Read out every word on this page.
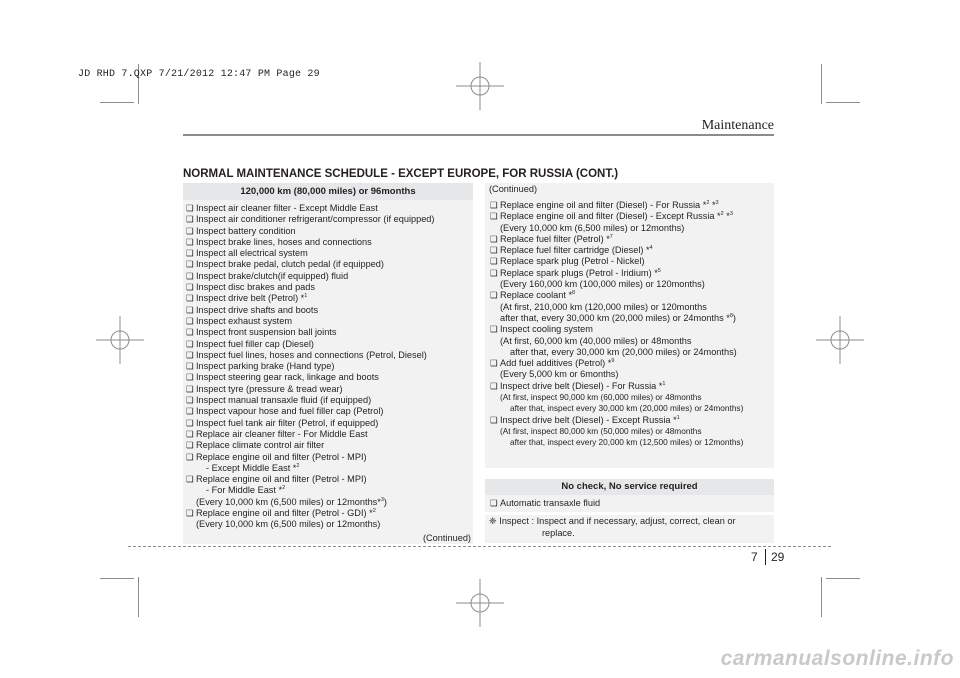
JD RHD 7.QXP 7/21/2012 12:47 PM Page 29
Maintenance
NORMAL MAINTENANCE SCHEDULE - EXCEPT EUROPE, FOR RUSSIA (CONT.)
120,000 km (80,000 miles) or 96months
❑ Inspect air cleaner filter - Except Middle East
❑ Inspect air conditioner refrigerant/compressor (if equipped)
❑ Inspect battery condition
❑ Inspect brake lines, hoses and connections
❑ Inspect all electrical system
❑ Inspect brake pedal, clutch pedal (if equipped)
❑ Inspect brake/clutch(if equipped) fluid
❑ Inspect disc brakes and pads
❑ Inspect drive belt (Petrol) *$^1$
❑ Inspect drive shafts and boots
❑ Inspect exhaust system
❑ Inspect front suspension ball joints
❑ Inspect fuel filler cap (Diesel)
❑ Inspect fuel lines, hoses and connections (Petrol, Diesel)
❑ Inspect parking brake (Hand type)
❑ Inspect steering gear rack, linkage and boots
❑ Inspect tyre (pressure & tread wear)
❑ Inspect manual transaxle fluid (if equipped)
❑ Inspect vapour hose and fuel filler cap (Petrol)
❑ Inspect fuel tank air filter (Petrol, if equipped)
❑ Replace air cleaner filter - For Middle East
❑ Replace climate control air filter
❑ Replace engine oil and filter (Petrol - MPI)
- Except Middle East *$^2$
❑ Replace engine oil and filter (Petrol - MPI)
- For Middle East *$^2$
(Every 10,000 km (6,500 miles) or 12months*$^3$)
❑ Replace engine oil and filter (Petrol - GDI) *$^2$
(Every 10,000 km (6,500 miles) or 12months)
(Continued)
(Continued)
❑ Replace engine oil and filter (Diesel) - For Russia *$^2$ *$^3$
❑ Replace engine oil and filter (Diesel) - Except Russia *$^2$ *$^3$
(Every 10,000 km (6,500 miles) or 12months)
❑ Replace fuel filter (Petrol) *$^7$
❑ Replace fuel filter cartridge (Diesel) *$^4$
❑ Replace spark plug (Petrol - Nickel)
❑ Replace spark plugs (Petrol - Iridium) *$^5$
(Every 160,000 km (100,000 miles) or 120months)
❑ Replace coolant *$^8$
(At first, 210,000 km (120,000 miles) or 120months
after that, every 30,000 km (20,000 miles) or 24months *$^8$)
❑ Inspect cooling system
(At first, 60,000 km (40,000 miles) or 48months
after that, every 30,000 km (20,000 miles) or 24months)
❑ Add fuel additives (Petrol) *$^9$
(Every 5,000 km or 6months)
❑ Inspect drive belt (Diesel) - For Russia *$^1$
(At first, inspect 90,000 km (60,000 miles) or 48months
after that, inspect every 30,000 km (20,000 miles) or 24months)
❑ Inspect drive belt (Diesel) - Except Russia *$^1$
(At first, inspect 80,000 km (50,000 miles) or 48months
after that, inspect every 20,000 km (12,500 miles) or 12months)
No check, No service required
❑ Automatic transaxle fluid
❈ Inspect : Inspect and if necessary, adjust, correct, clean or
replace.
7 29
carmanualsonline.info
